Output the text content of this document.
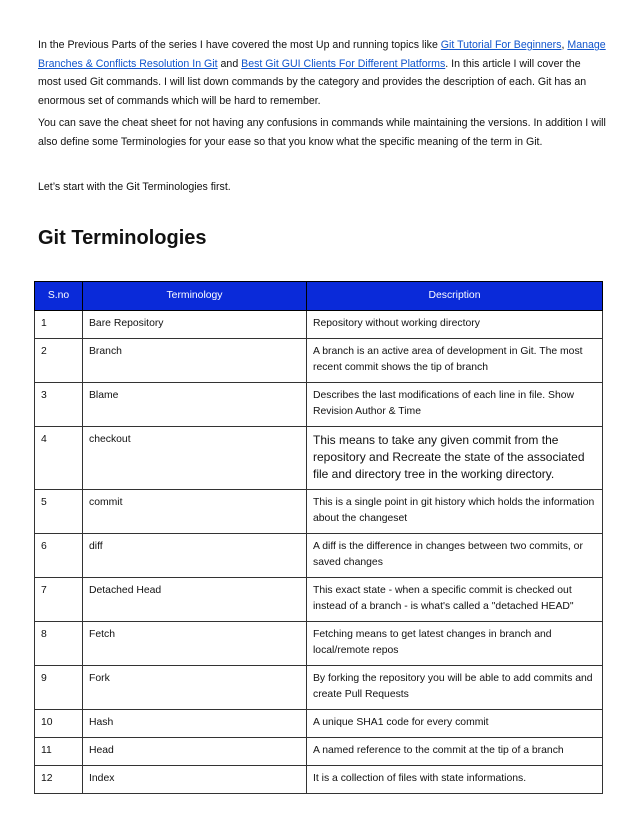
In the Previous Parts of the series I have covered the most Up and running topics like Git Tutorial For Beginners, Manage Branches & Conflicts Resolution In Git and Best Git GUI Clients For Different Platforms. In this article I will cover the most used Git commands. I will list down commands by the category and provides the description of each. Git has an enormous set of commands which will be hard to remember.

You can save the cheat sheet for not having any confusions in commands while maintaining the versions. In addition I will also define some Terminologies for your ease so that you know what the specific meaning of the term in Git.

Let’s start with the Git Terminologies first.

Git Terminologies
S.no	Terminology	Description
1	Bare Repository	Repository without working directory
2	Branch	A branch is an active area of development in Git. The most recent commit shows the tip of branch
3	Blame	Describes the last modifications of each line in file. Show Revision Author & Time
4	checkout	This means to take any given commit from the repository and Recreate the state of the associated file and directory tree in the working directory.
5	commit	This is a single point in git history which holds the information about the changeset
6	diff	A diff is the difference in changes between two commits, or saved changes
7	Detached Head	This exact state - when a specific commit is checked out instead of a branch - is what's called a "detached HEAD"
8	Fetch	Fetching means to get latest changes in branch and local/remote repos
9	Fork	By forking the repository you will be able to add commits and create Pull Requests
10	Hash	A unique SHA1 code for every commit
11	Head	A named reference to the commit at the tip of a branch
12	Index	It is a collection of files with state informations.
